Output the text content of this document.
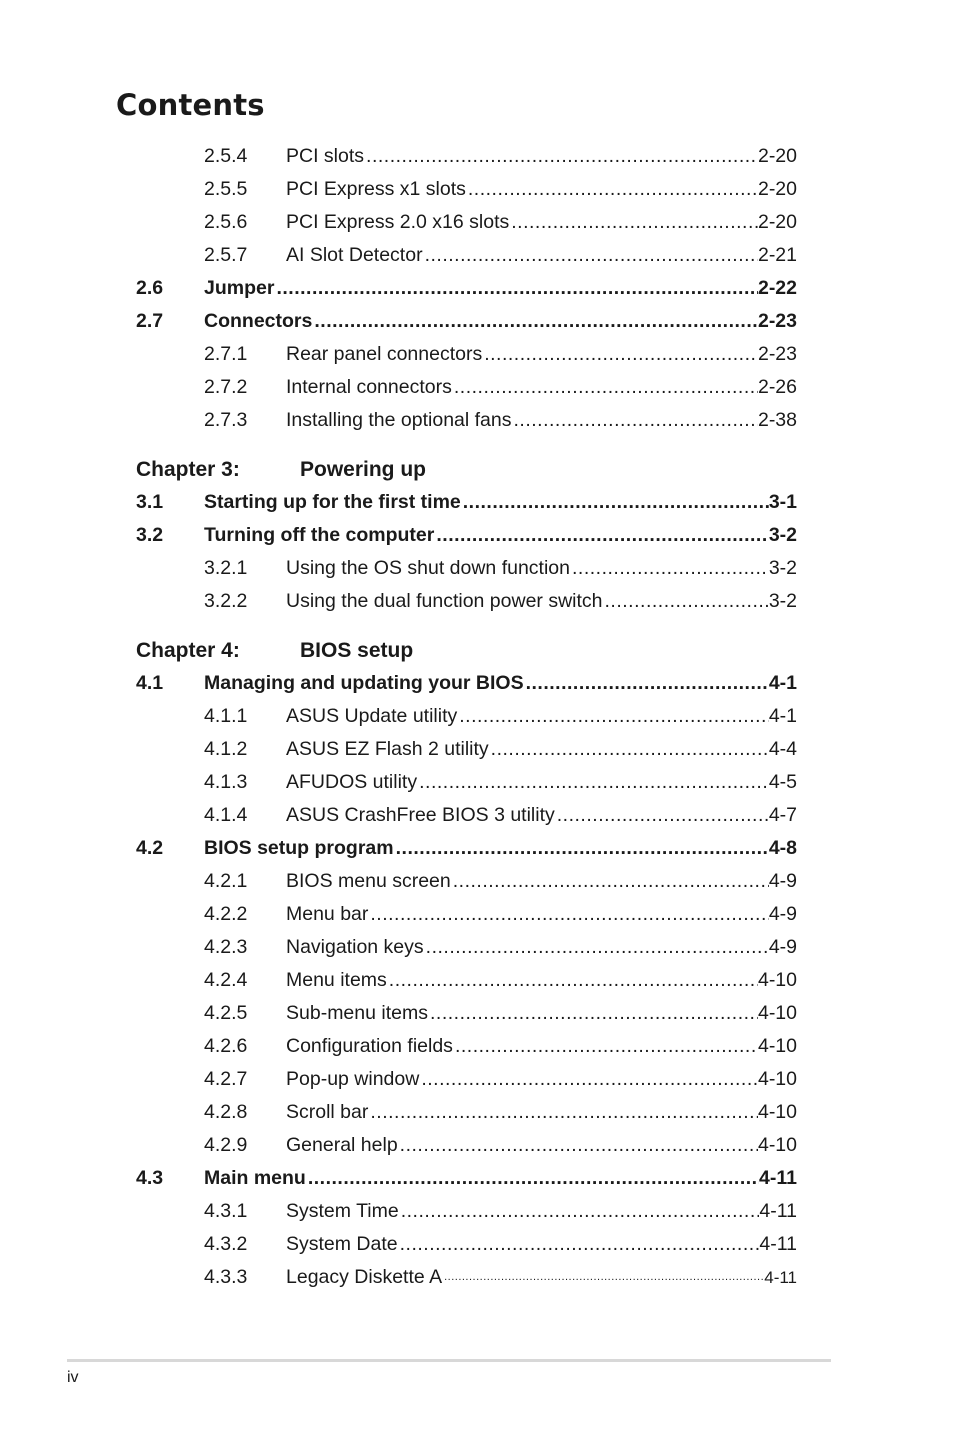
Contents
2.5.4 PCI slots .....	2-20
2.5.5 PCI Express x1 slots .....	2-20
2.5.6 PCI Express 2.0 x16 slots .....	2-20
2.5.7 AI Slot Detector .....	2-21
2.6 Jumper .....	2-22
2.7 Connectors .....	2-23
2.7.1 Rear panel connectors .....	2-23
2.7.2 Internal connectors .....	2-26
2.7.3 Installing the optional fans .....	2-38
Chapter 3:	Powering up
3.1 Starting up for the first time .....	3-1
3.2 Turning off the computer .....	3-2
3.2.1 Using the OS shut down function .....	3-2
3.2.2 Using the dual function power switch .....	3-2
Chapter 4:	BIOS setup
4.1 Managing and updating your BIOS .....	4-1
4.1.1 ASUS Update utility .....	4-1
4.1.2 ASUS EZ Flash 2 utility .....	4-4
4.1.3 AFUDOS utility .....	4-5
4.1.4 ASUS CrashFree BIOS 3 utility .....	4-7
4.2 BIOS setup program .....	4-8
4.2.1 BIOS menu screen .....	4-9
4.2.2 Menu bar .....	4-9
4.2.3 Navigation keys .....	4-9
4.2.4 Menu items .....	4-10
4.2.5 Sub-menu items .....	4-10
4.2.6 Configuration fields .....	4-10
4.2.7 Pop-up window .....	4-10
4.2.8 Scroll bar .....	4-10
4.2.9 General help .....	4-10
4.3 Main menu .....	4-11
4.3.1 System Time .....	4-11
4.3.2 System Date .....	4-11
4.3.3 Legacy Diskette A .....	4-11
iv
